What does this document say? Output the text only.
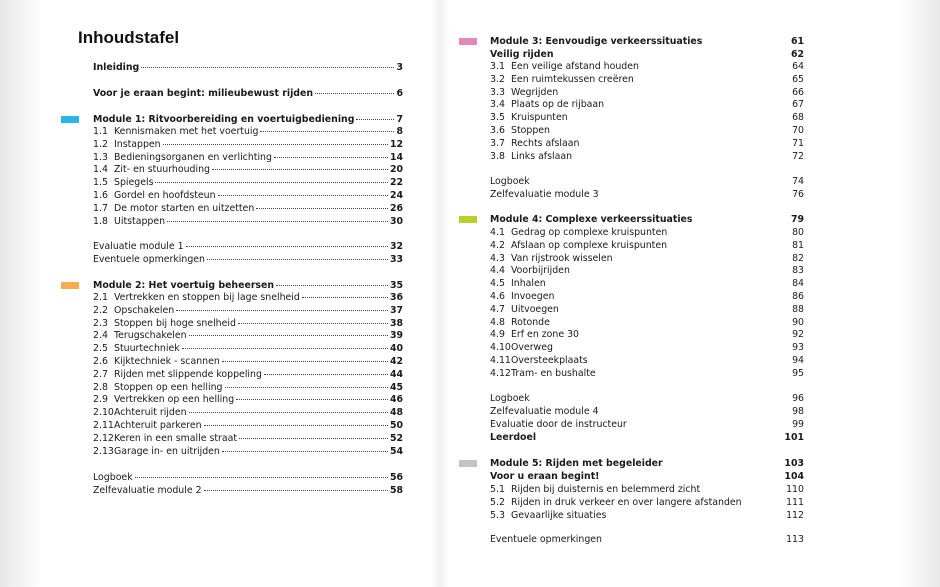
Inhoudstafel
Inleiding	3
Voor je eraan begint: milieubewust rijden	6
Module 1: Ritvoorbereiding en voertuigbediening	7
1.1 Kennismaken met het voertuig	8
1.2 Instappen	12
1.3 Bedieningsorganen en verlichting	14
1.4 Zit- en stuurhouding	20
1.5 Spiegels	22
1.6 Gordel en hoofdsteun	24
1.7 De motor starten en uitzetten	26
1.8 Uitstappen	30
Evaluatie module 1	32
Eventuele opmerkingen	33
Module 2: Het voertuig beheersen	35
2.1 Vertrekken en stoppen bij lage snelheid	36
2.2 Opschakelen	37
2.3 Stoppen bij hoge snelheid	38
2.4 Terugschakelen	39
2.5 Stuurtechniek	40
2.6 Kijktechniek - scannen	42
2.7 Rijden met slippende koppeling	44
2.8 Stoppen op een helling	45
2.9 Vertrekken op een helling	46
2.10 Achteruit rijden	48
2.11 Achteruit parkeren	50
2.12 Keren in een smalle straat	52
2.13 Garage in- en uitrijden	54
Logboek	56
Zelfevaluatie module 2	58
Module 3: Eenvoudige verkeerssituaties	61
Veilig rijden	62
3.1 Een veilige afstand houden	64
3.2 Een ruimtekussen creëren	65
3.3 Wegrijden	66
3.4 Plaats op de rijbaan	67
3.5 Kruispunten	68
3.6 Stoppen	70
3.7 Rechts afslaan	71
3.8 Links afslaan	72
Logboek	74
Zelfevaluatie module 3	76
Module 4: Complexe verkeerssituaties	79
4.1 Gedrag op complexe kruispunten	80
4.2 Afslaan op complexe kruispunten	81
4.3 Van rijstrook wisselen	82
4.4 Voorbijrijden	83
4.5 Inhalen	84
4.6 Invoegen	86
4.7 Uitvoegen	88
4.8 Rotonde	90
4.9 Erf en zone 30	92
4.10 Overweg	93
4.11 Oversteekplaats	94
4.12 Tram- en bushalte	95
Logboek	96
Zelfevaluatie module 4	98
Evaluatie door de instructeur	99
Leerdoel	101
Module 5: Rijden met begeleider	103
Voor u eraan begint!	104
5.1 Rijden bij duisternis en belemmerd zicht	110
5.2 Rijden in druk verkeer en over langere afstanden	111
5.3 Gevaarlijke situaties	112
Eventuele opmerkingen	113
